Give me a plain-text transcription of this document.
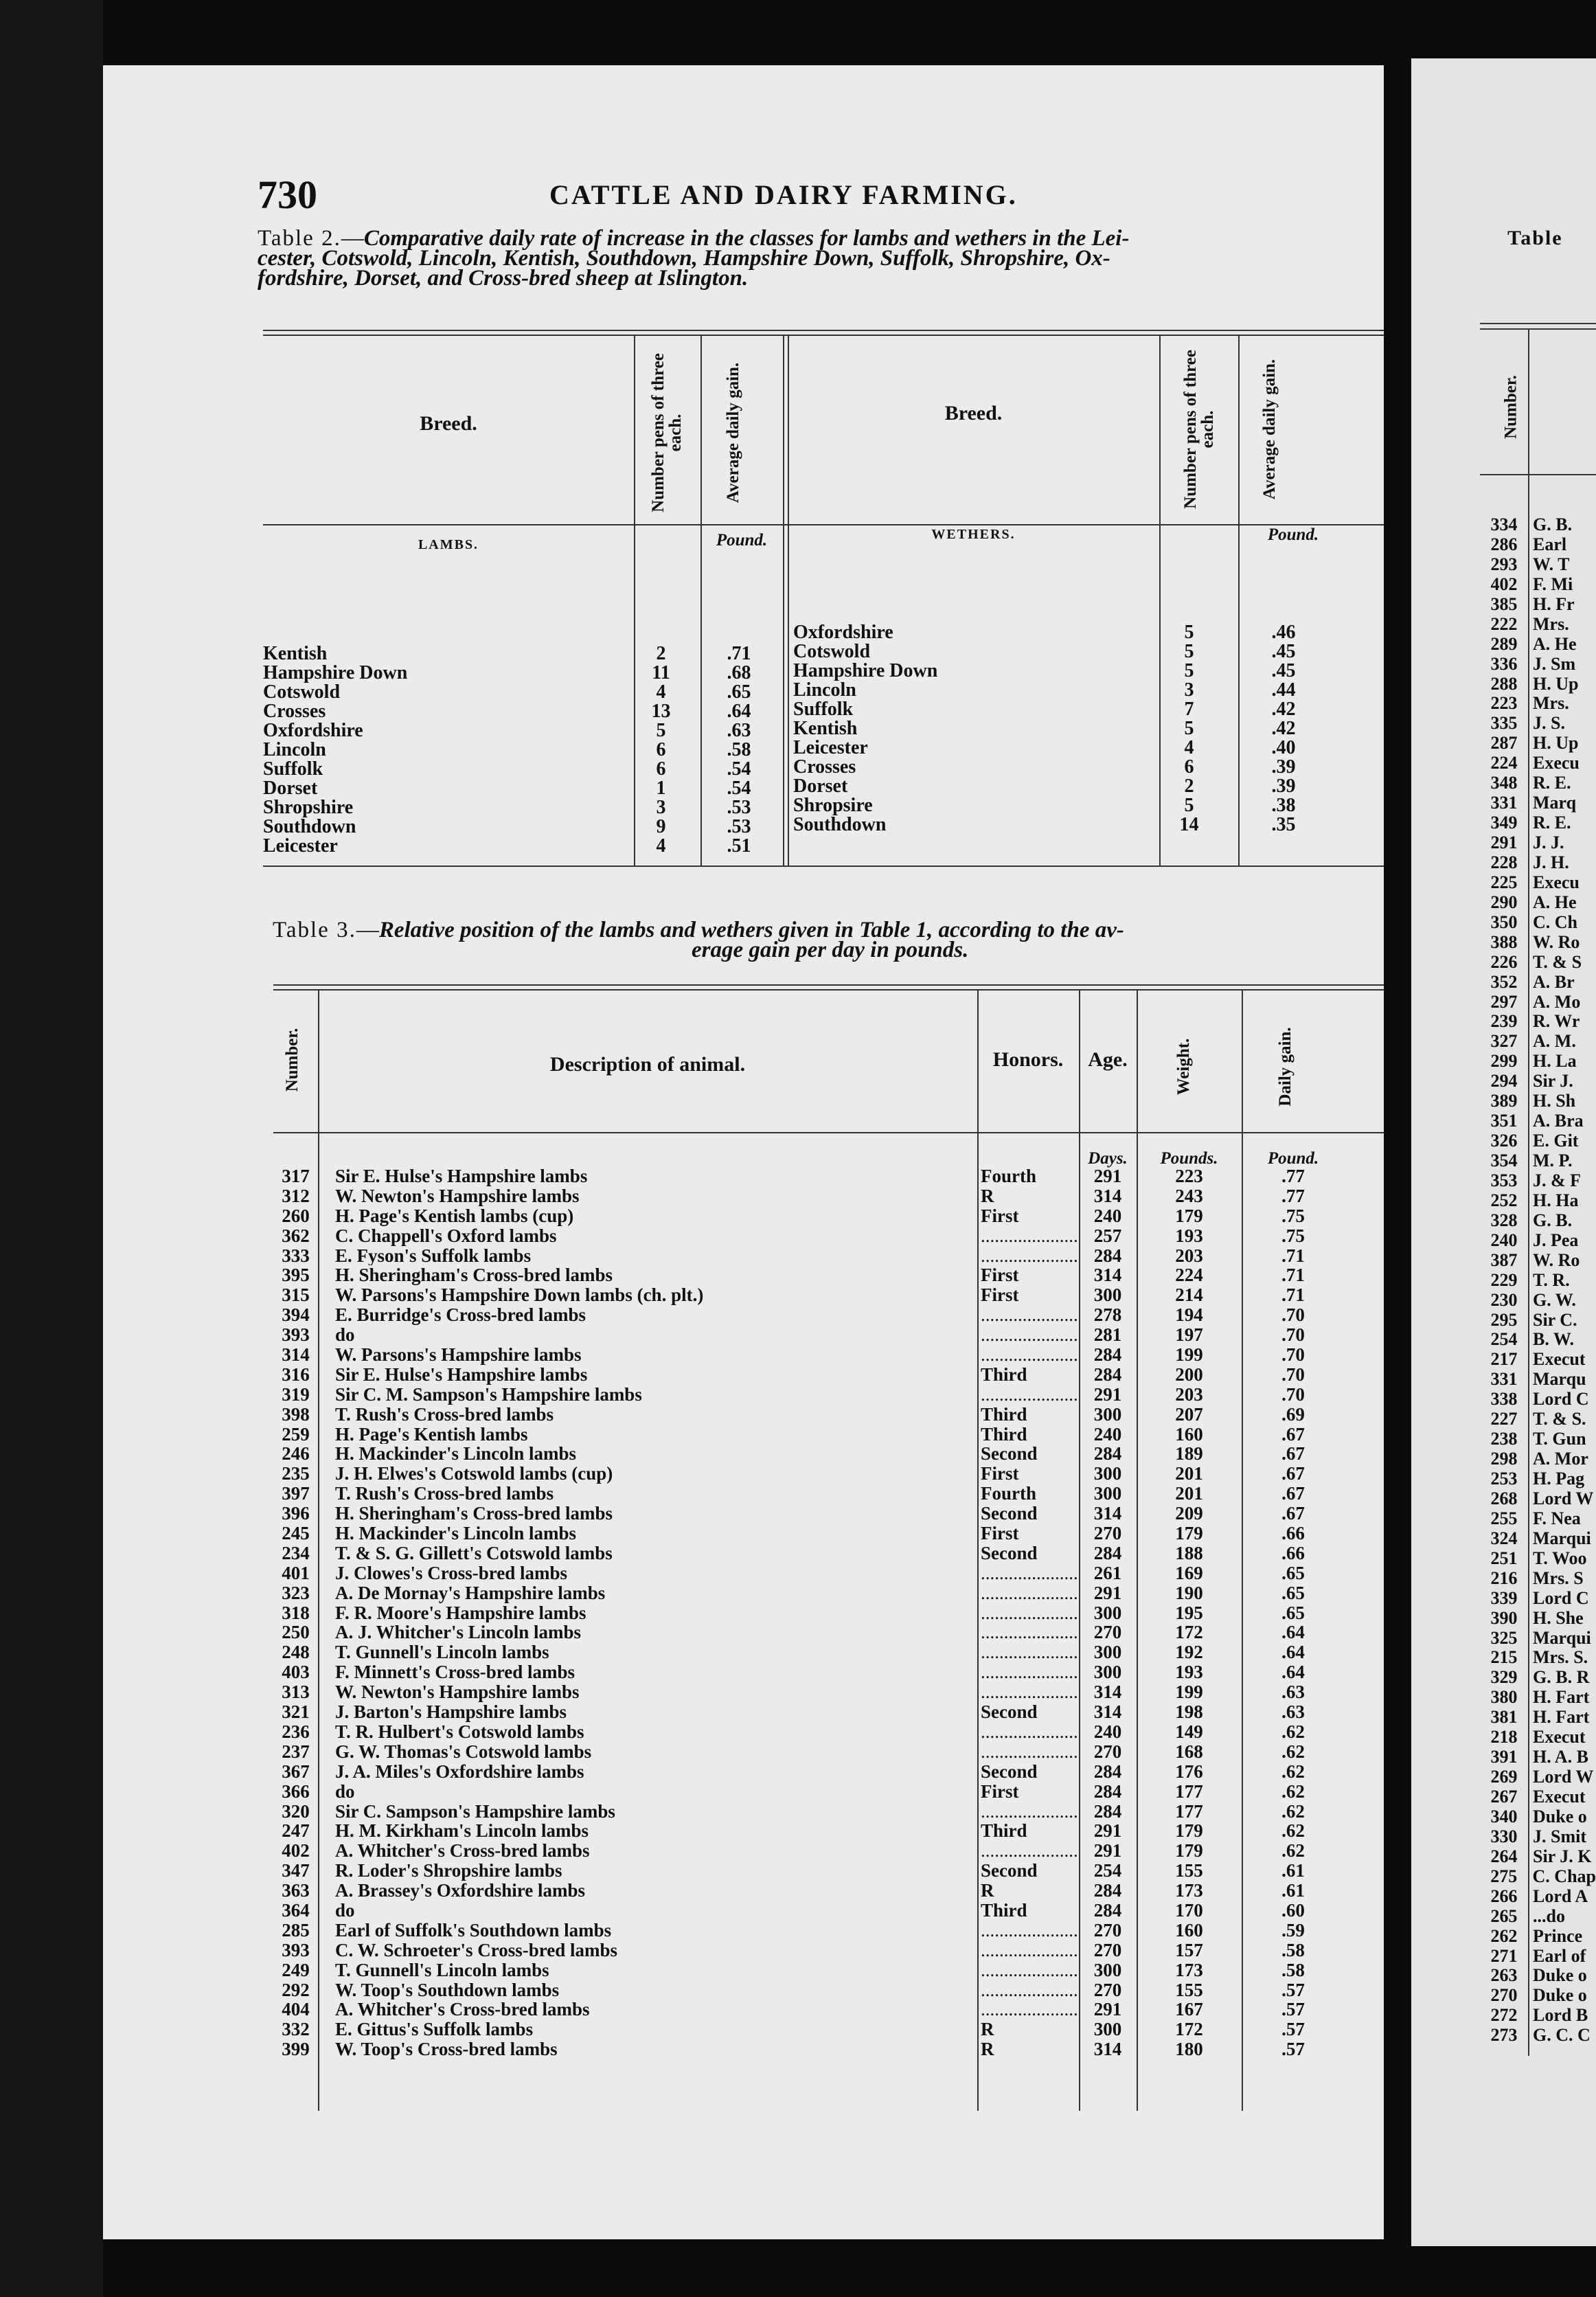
730	CATTLE AND DAIRY FARMING.
Table 2.—Comparative daily rate of increase in the classes for lambs and wethers in the Lei-
cester, Cotswold, Lincoln, Kentish, Southdown, Hampshire Down, Suffolk, Shropshire, Ox-
fordshire, Dorset, and Cross-bred sheep at Islington.
Breed.	Number pens of three each. Average daily gain.	Breed.	Number pens of three each.	Average daily gain.
LAMBS.	Pound.	WETHERS.	Pound.
Kentish .....	2	.71
Hampshire Down .....	11	.68
Cotswold .....	4	.65
Crosses .....	13	.64
Oxfordshire .....	5	.63
Lincoln .....	6	.58
Suffolk .....	6	.54
Dorset .....	1	.54
Shropshire .....	3	.53
Southdown .....	9	.53
Leicester .....	4	.51
Oxfordshire .....	5	.46
Cotswold .....	5	.45
Hampshire Down .....	5	.45
Lincoln .....	3	.44
Suffolk .....	7	.42
Kentish .....	5	.42
Leicester .....	4	.40
Crosses .....	6	.39
Dorset .....	2	.39
Shropsire .....	5	.38
Southdown .....	14	.35
Table 3.—Relative position of the lambs and wethers given in Table 1, according to the av-
erage gain per day in pounds.
Number.	Description of animal.	Honors.	Age.	Weight.	Daily gain.
Days.	Pounds.	Pound.
317	Sir E. Hulse's Hampshire lambs .....	Fourth .....	291	223	.77
312	W. Newton's Hampshire lambs .....	R .....	314	243	.77
260	H. Page's Kentish lambs (cup) .....	First .....	240	179	.75
362	C. Chappell's Oxford lambs ..... .....	257	193	.75
333	E. Fyson's Suffolk lambs ..... .....	284	203	.71
395	H. Sheringham's Cross-bred lambs .....	First .....	314	224	.71
315	W. Parsons's Hampshire Down lambs (ch. plt.) .....	First .....	300	214	.71
394	E. Burridge's Cross-bred lambs ..... .....	278	194	.70
393	do ..... .....	281	197	.70
314	W. Parsons's Hampshire lambs ..... .....	284	199	.70
316	Sir E. Hulse's Hampshire lambs .....	Third .....	284	200	.70
319	Sir C. M. Sampson's Hampshire lambs ..... .....	291	203	.70
398	T. Rush's Cross-bred lambs .....	Third .....	300	207	.69
259	H. Page's Kentish lambs .....	Third .....	240	160	.67
246	H. Mackinder's Lincoln lambs .....	Second .....	284	189	.67
235	J. H. Elwes's Cotswold lambs (cup) .....	First .....	300	201	.67
397	T. Rush's Cross-bred lambs .....	Fourth .....	300	201	.67
396	H. Sheringham's Cross-bred lambs .....	Second .....	314	209	.67
245	H. Mackinder's Lincoln lambs .....	First .....	270	179	.66
234	T. & S. G. Gillett's Cotswold lambs .....	Second .....	284	188	.66
401	J. Clowes's Cross-bred lambs ..... .....	261	169	.65
323	A. De Mornay's Hampshire lambs ..... .....	291	190	.65
318	F. R. Moore's Hampshire lambs ..... .....	300	195	.65
250	A. J. Whitcher's Lincoln lambs ..... .....	270	172	.64
248	T. Gunnell's Lincoln lambs ..... .....	300	192	.64
403	F. Minnett's Cross-bred lambs ..... .....	300	193	.64
313	W. Newton's Hampshire lambs ..... .....	314	199	.63
321	J. Barton's Hampshire lambs .....	Second .....	314	198	.63
236	T. R. Hulbert's Cotswold lambs ..... .....	240	149	.62
237	G. W. Thomas's Cotswold lambs ..... .....	270	168	.62
367	J. A. Miles's Oxfordshire lambs .....	Second .....	284	176	.62
366	do .....	First .....	284	177	.62
320	Sir C. Sampson's Hampshire lambs ..... .....	284	177	.62
247	H. M. Kirkham's Lincoln lambs .....	Third .....	291	179	.62
402	A. Whitcher's Cross-bred lambs ..... .....	291	179	.62
347	R. Loder's Shropshire lambs .....	Second .....	254	155	.61
363	A. Brassey's Oxfordshire lambs .....	R .....	284	173	.61
364	do .....	Third .....	284	170	.60
285	Earl of Suffolk's Southdown lambs ..... .....	270	160	.59
393	C. W. Schroeter's Cross-bred lambs ..... .....	270	157	.58
249	T. Gunnell's Lincoln lambs ..... .....	300	173	.58
292	W. Toop's Southdown lambs ..... .....	270	155	.57
404	A. Whitcher's Cross-bred lambs ..... .....	291	167	.57
332	E. Gittus's Suffolk lambs .....	R .....	300	172	.57
399	W. Toop's Cross-bred lambs .....	R .....	314	180	.57
Table
Number.
334 G. B.
286 Earl
293 W. T
402 F. Mi
385 H. Fr
222 Mrs.
289 A. He
336 J. Sm
288 H. Up
223 Mrs.
335 J. S.
287 H. Up
224 Execu
348 R. E.
331 Marq
349 R. E.
291 J. J.
228 J. H.
225 Execu
290 A. He
350 C. Ch
388 W. Ro
226 T. & S
352 A. Br
297 A. Mo
239 R. Wr
327 A. M.
299 H. La
294 Sir J.
389 H. Sh
351 A. Bra
326 E. Git
354 M. P.
353 J. & F
252 H. Ha
328 G. B.
240 J. Pea
387 W. Ro
229 T. R.
230 G. W.
295 Sir C.
254 B. W.
217 Execut
331 Marqu
338 Lord C
227 T. & S.
238 T. Gun
298 A. Mor
253 H. Pag
268 Lord W
255 F. Nea
324 Marqui
251 T. Woo
216 Mrs. S
339 Lord C
390 H. She
325 Marqui
215 Mrs. S.
329 G. B. R
380 H. Fart
381 H. Fart
218 Execut
391 H. A. B
269 Lord W
267 Execut
340 Duke o
330 J. Smit
264 Sir J. K
275 C. Chap
266 Lord A
265 ...do
262 Prince
271 Earl of
263 Duke o
270 Duke o
272 Lord B
273 G. C. C
